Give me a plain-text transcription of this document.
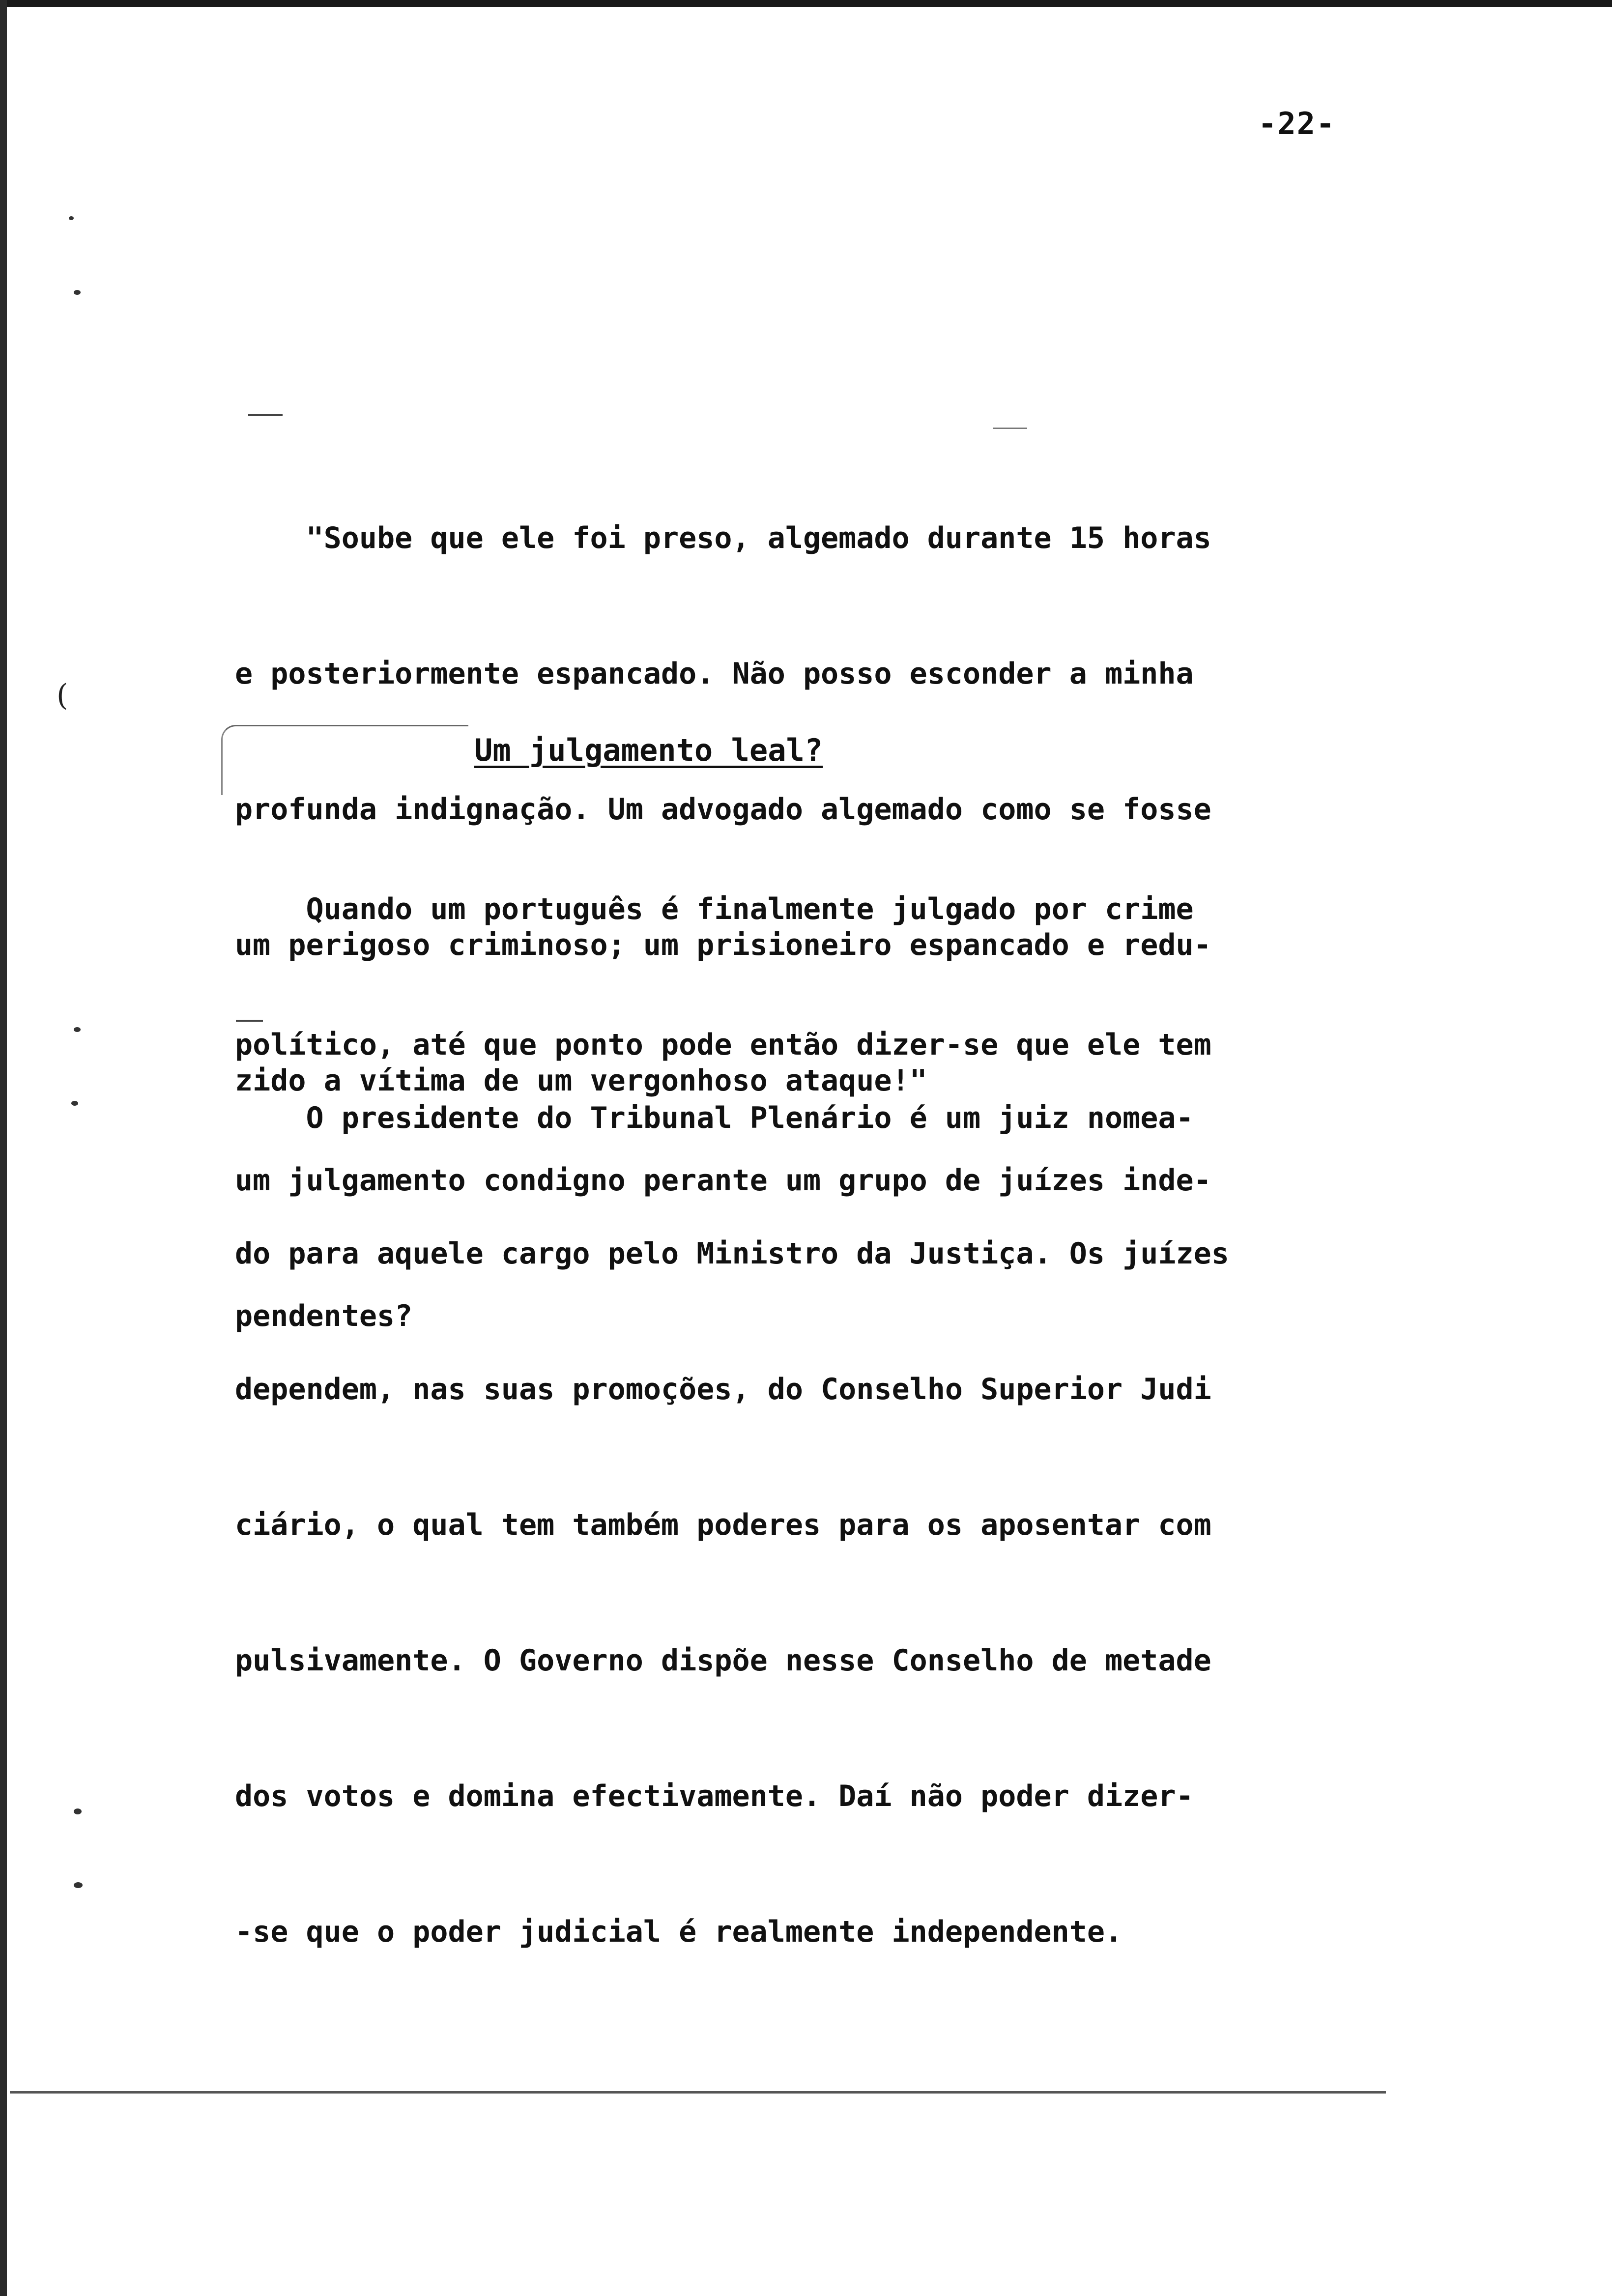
-22-
(

"Soube que ele foi preso, algemado durante 15 horas

e posteriormente espancado. Não posso esconder a minha

profunda indignação. Um advogado algemado como se fosse

um perigoso criminoso; um prisioneiro espancado e redu-

zido a vítima de um vergonhoso ataque!"

Um julgamento leal?

Quando um português é finalmente julgado por crime

político, até que ponto pode então dizer-se que ele tem

um julgamento condigno perante um grupo de juízes inde-

pendentes?

O presidente do Tribunal Plenário é um juiz nomea-

do para aquele cargo pelo Ministro da Justiça. Os juízes

dependem, nas suas promoções, do Conselho Superior Judi

ciário, o qual tem também poderes para os aposentar com

pulsivamente. O Governo dispõe nesse Conselho de metade

dos votos e domina efectivamente. Daí não poder dizer-

-se que o poder judicial é realmente independente.
